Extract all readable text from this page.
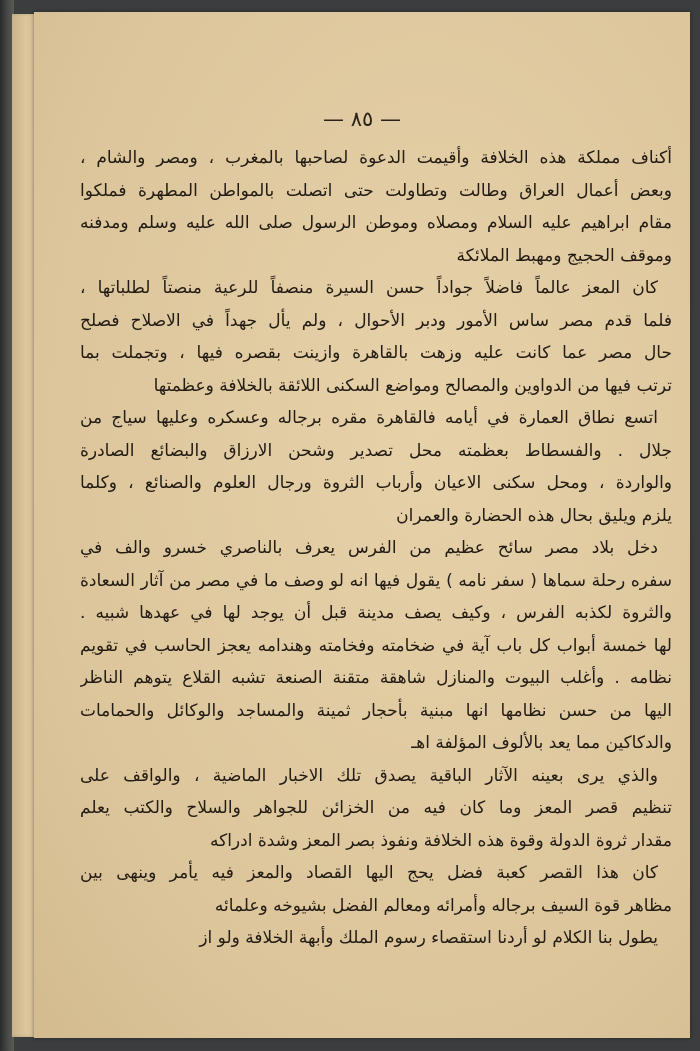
— ٨٥ —
أكناف مملكة هذه الخلافة وأقيمت الدعوة لصاحبها بالمغرب ، ومصر والشام ،
وبعض أعمال العراق وطالت وتطاولت حتى اتصلت بالمواطن المطهرة فملكوا
مقام ابراهيم عليه السلام ومصلاه وموطن الرسول صلى الله عليه وسلم ومدفنه
وموقف الحجيج ومهبط الملائكة
كان المعز عالماً فاضلاً جواداً حسن السيرة منصفاً للرعية منصتاً لطلباتها ،
فلما قدم مصر ساس الأمور ودبر الأحوال ، ولم يأل جهداً في الاصلاح فصلح
حال مصر عما كانت عليه وزهت بالقاهرة وازينت بقصره فيها ، وتجملت بما
ترتب فيها من الدواوين والمصالح ومواضع السكنى اللائقة بالخلافة وعظمتها
اتسع نطاق العمارة في أيامه فالقاهرة مقره برجاله وعسكره وعليها سياج من
جلال . والفسطاط بعظمته محل تصدير وشحن الارزاق والبضائع الصادرة
والواردة ، ومحل سكنى الاعيان وأرباب الثروة ورجال العلوم والصنائع ، وكلما
يلزم ويليق بحال هذه الحضارة والعمران
دخل بلاد مصر سائح عظيم من الفرس يعرف بالناصري خسرو والف في
سفره رحلة سماها ( سفر نامه ) يقول فيها انه لو وصف ما في مصر من آثار السعادة
والثروة لكذبه الفرس ، وكيف يصف مدينة قبل أن يوجد لها في عهدها شبيه .
لها خمسة أبواب كل باب آية في ضخامته وفخامته وهندامه يعجز الحاسب في تقويم
نظامه . وأغلب البيوت والمنازل شاهقة متقنة الصنعة تشبه القلاع يتوهم الناظر
اليها من حسن نظامها انها مبنية بأحجار ثمينة والمساجد والوكائل والحمامات
والدكاكين مما يعد بالألوف المؤلفة اهـ
والذي يرى بعينه الآثار الباقية يصدق تلك الاخبار الماضية ، والواقف على
تنظيم قصر المعز وما كان فيه من الخزائن للجواهر والسلاح والكتب يعلم
مقدار ثروة الدولة وقوة هذه الخلافة ونفوذ بصر المعز وشدة ادراكه
كان هذا القصر كعبة فضل يحج اليها القصاد والمعز فيه يأمر وينهى بين
مظاهر قوة السيف برجاله وأمرائه ومعالم الفضل بشيوخه وعلمائه
يطول بنا الكلام لو أردنا استقصاء رسوم الملك وأبهة الخلافة ولو از
